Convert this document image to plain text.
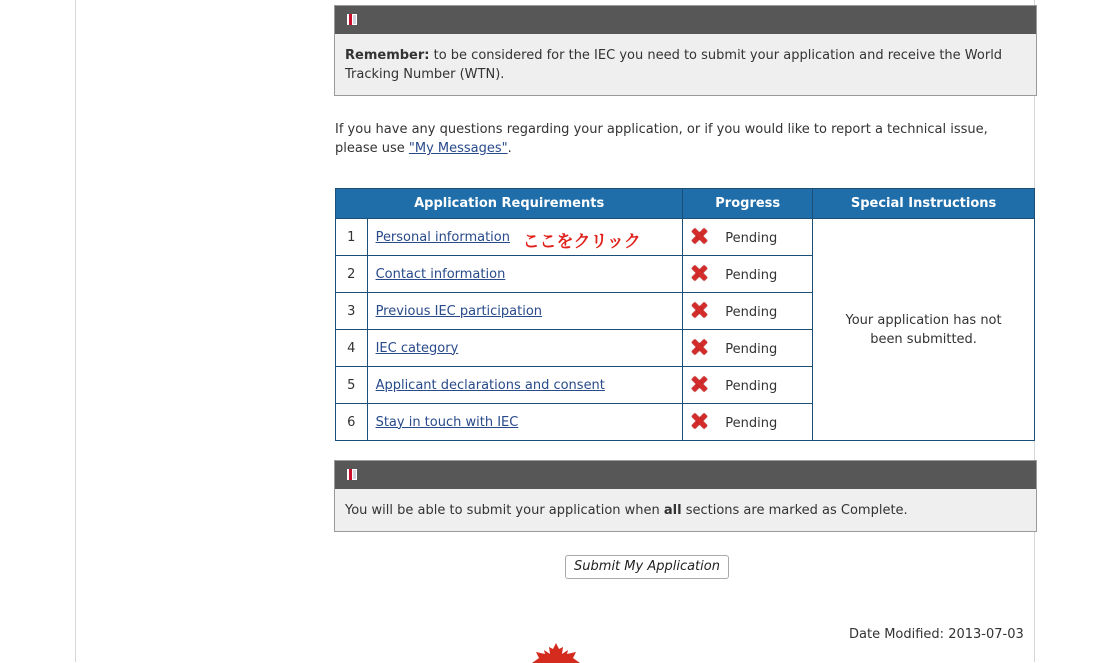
Remember: to be considered for the IEC you need to submit your application and receive the World Tracking Number (WTN).
If you have any questions regarding your application, or if you would like to report a technical issue, please use "My Messages".
Application Requirements		Progress	Special Instructions
1	Personal information ここをクリック	Pending	Your application has not been submitted.

2	Contact information	Pending	
3	Previous IEC participation	Pending	
4	IEC category	Pending	
5	Applicant declarations and consent	Pending	
6	Stay in touch with IEC	Pending	
You will be able to submit your application when all sections are marked as Complete.
Submit My Application
Date Modified: 2013-07-03
